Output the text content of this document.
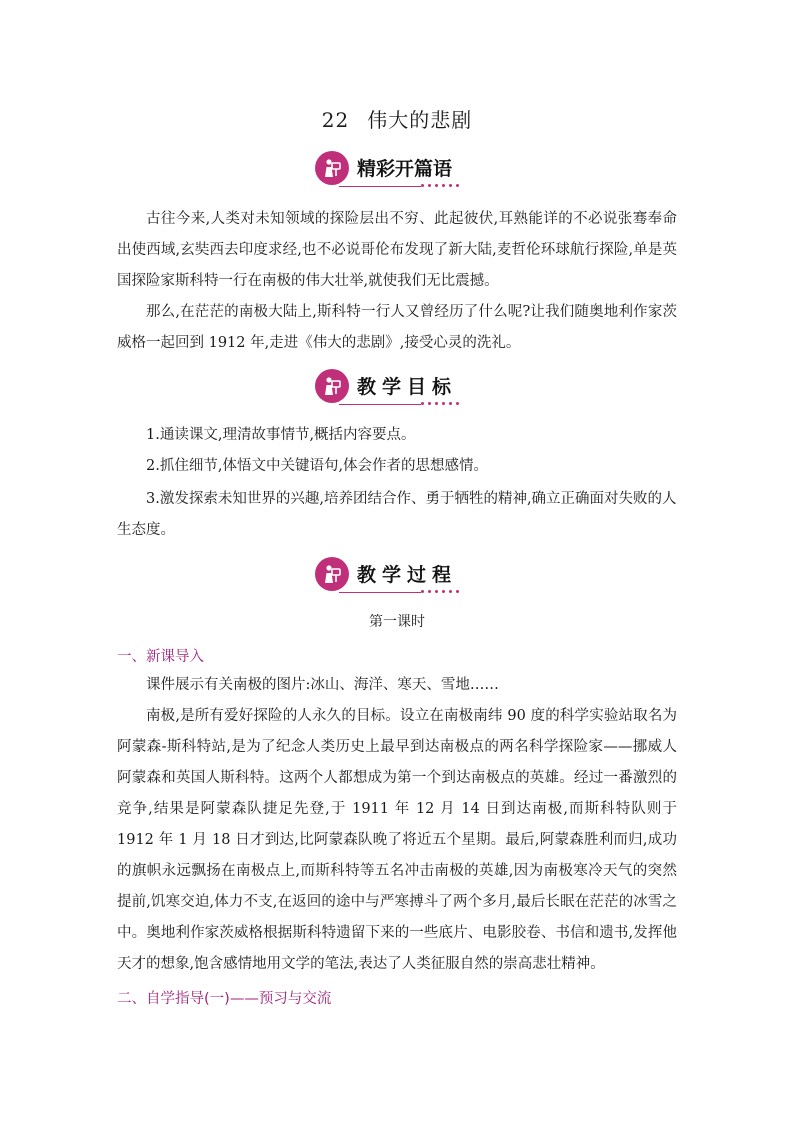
22 伟大的悲剧
精彩开篇语
古往今来,人类对未知领域的探险层出不穷、此起彼伏,耳熟能详的不必说张骞奉命出使西域,玄奘西去印度求经,也不必说哥伦布发现了新大陆,麦哲伦环球航行探险,单是英国探险家斯科特一行在南极的伟大壮举,就使我们无比震撼。
那么,在茫茫的南极大陆上,斯科特一行人又曾经历了什么呢?让我们随奥地利作家茨威格一起回到 1912 年,走进《伟大的悲剧》,接受心灵的洗礼。
教学目标
1.通读课文,理清故事情节,概括内容要点。
2.抓住细节,体悟文中关键语句,体会作者的思想感情。
3.激发探索未知世界的兴趣,培养团结合作、勇于牺牲的精神,确立正确面对失败的人生态度。
教学过程
第一课时
一、新课导入
课件展示有关南极的图片:冰山、海洋、寒天、雪地……
南极,是所有爱好探险的人永久的目标。设立在南极南纬 90 度的科学实验站取名为阿蒙森-斯科特站,是为了纪念人类历史上最早到达南极点的两名科学探险家——挪威人阿蒙森和英国人斯科特。这两个人都想成为第一个到达南极点的英雄。经过一番激烈的竞争,结果是阿蒙森队捷足先登,于 1911 年 12 月 14 日到达南极,而斯科特队则于 1912 年 1 月 18 日才到达,比阿蒙森队晚了将近五个星期。最后,阿蒙森胜利而归,成功的旗帜永远飘扬在南极点上,而斯科特等五名冲击南极的英雄,因为南极寒冷天气的突然提前,饥寒交迫,体力不支,在返回的途中与严寒搏斗了两个多月,最后长眠在茫茫的冰雪之中。奥地利作家茨威格根据斯科特遗留下来的一些底片、电影胶卷、书信和遗书,发挥他天才的想象,饱含感情地用文学的笔法,表达了人类征服自然的崇高悲壮精神。
二、自学指导(一)——预习与交流
